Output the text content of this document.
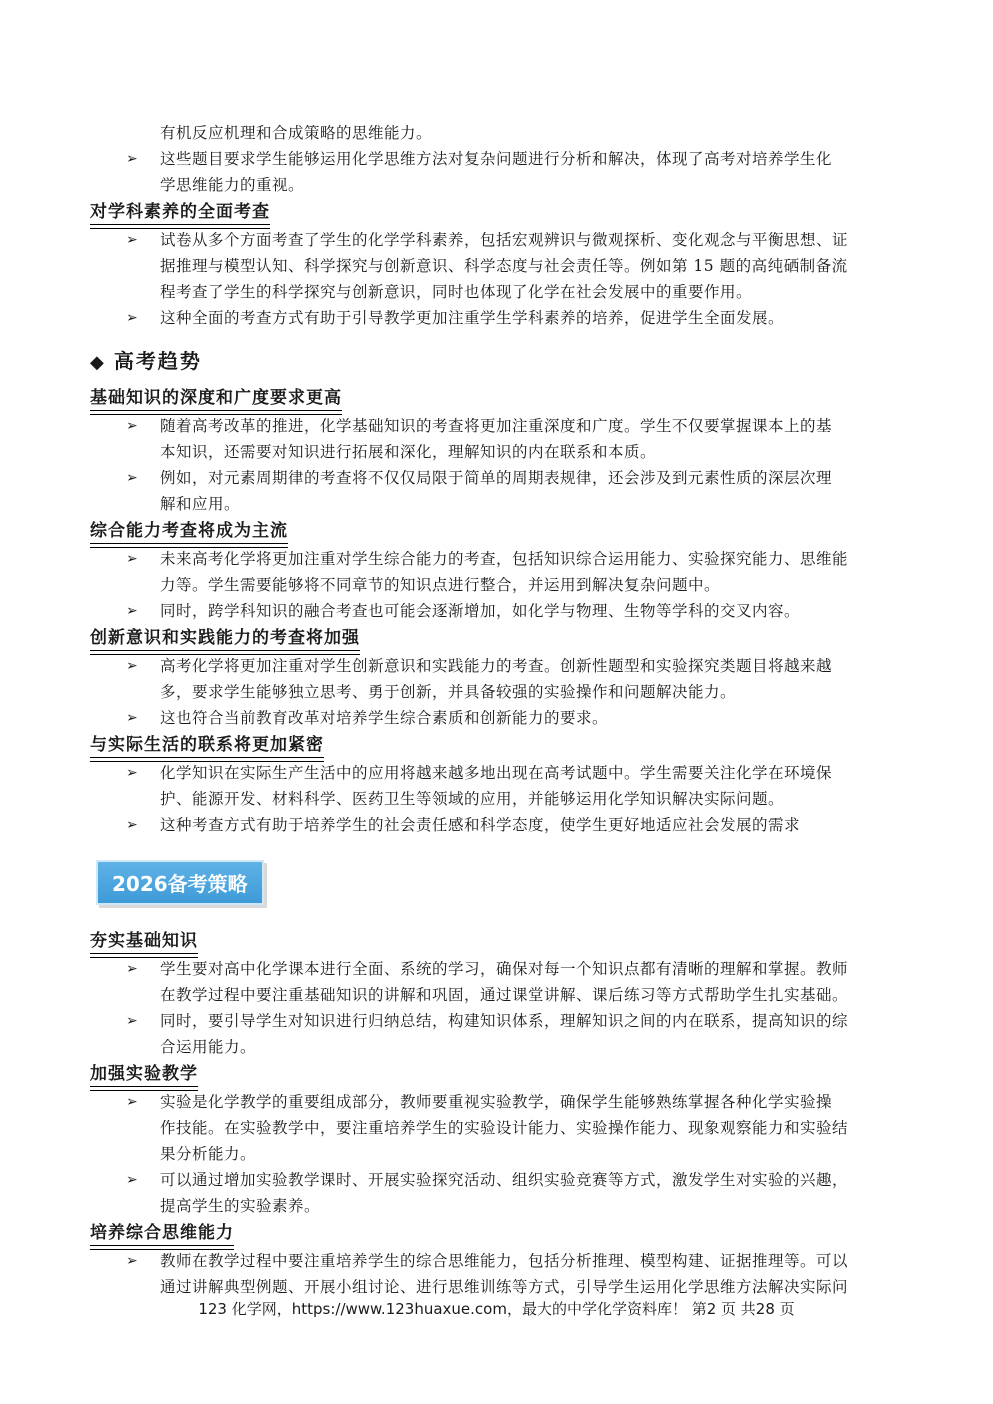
有机反应机理和合成策略的思维能力。
➢ 这些题目要求学生能够运用化学思维方法对复杂问题进行分析和解决，体现了高考对培养学生化
学思维能力的重视。
对学科素养的全面考查
➢ 试卷从多个方面考查了学生的化学学科素养，包括宏观辨识与微观探析、变化观念与平衡思想、证
据推理与模型认知、科学探究与创新意识、科学态度与社会责任等。例如第 15 题的高纯硒制备流
程考查了学生的科学探究与创新意识，同时也体现了化学在社会发展中的重要作用。
➢ 这种全面的考查方式有助于引导教学更加注重学生学科素养的培养，促进学生全面发展。
◆ 高考趋势
基础知识的深度和广度要求更高
➢ 随着高考改革的推进，化学基础知识的考查将更加注重深度和广度。学生不仅要掌握课本上的基
本知识，还需要对知识进行拓展和深化，理解知识的内在联系和本质。
➢ 例如，对元素周期律的考查将不仅仅局限于简单的周期表规律，还会涉及到元素性质的深层次理
解和应用。
综合能力考查将成为主流
➢ 未来高考化学将更加注重对学生综合能力的考查，包括知识综合运用能力、实验探究能力、思维能
力等。学生需要能够将不同章节的知识点进行整合，并运用到解决复杂问题中。
➢ 同时，跨学科知识的融合考查也可能会逐渐增加，如化学与物理、生物等学科的交叉内容。
创新意识和实践能力的考查将加强
➢ 高考化学将更加注重对学生创新意识和实践能力的考查。创新性题型和实验探究类题目将越来越
多，要求学生能够独立思考、勇于创新，并具备较强的实验操作和问题解决能力。
➢ 这也符合当前教育改革对培养学生综合素质和创新能力的要求。
与实际生活的联系将更加紧密
➢ 化学知识在实际生产生活中的应用将越来越多地出现在高考试题中。学生需要关注化学在环境保
护、能源开发、材料科学、医药卫生等领域的应用，并能够运用化学知识解决实际问题。
➢ 这种考查方式有助于培养学生的社会责任感和科学态度，使学生更好地适应社会发展的需求
2026备考策略
夯实基础知识
➢ 学生要对高中化学课本进行全面、系统的学习，确保对每一个知识点都有清晰的理解和掌握。教师
在教学过程中要注重基础知识的讲解和巩固，通过课堂讲解、课后练习等方式帮助学生扎实基础。
➢ 同时，要引导学生对知识进行归纳总结，构建知识体系，理解知识之间的内在联系，提高知识的综
合运用能力。
加强实验教学
➢ 实验是化学教学的重要组成部分，教师要重视实验教学，确保学生能够熟练掌握各种化学实验操
作技能。在实验教学中，要注重培养学生的实验设计能力、实验操作能力、现象观察能力和实验结
果分析能力。
➢ 可以通过增加实验教学课时、开展实验探究活动、组织实验竞赛等方式，激发学生对实验的兴趣，
提高学生的实验素养。
培养综合思维能力
➢ 教师在教学过程中要注重培养学生的综合思维能力，包括分析推理、模型构建、证据推理等。可以
通过讲解典型例题、开展小组讨论、进行思维训练等方式，引导学生运用化学思维方法解决实际问
123 化学网，https://www.123huaxue.com，最大的中学化学资料库！ 第2 页 共28 页
